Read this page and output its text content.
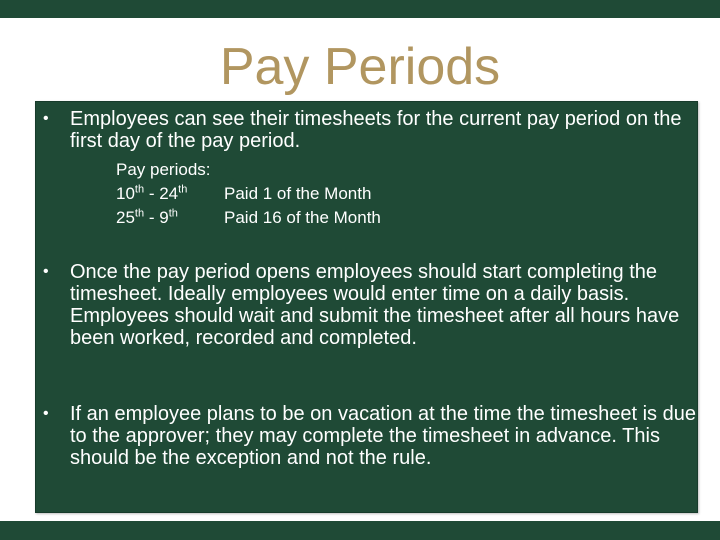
Pay Periods
• Employees can see their timesheets for the current pay period on the first day of the pay period.
Pay periods:
10th - 24th Paid 1 of the Month
25th - 9th	Paid 16 of the Month
• Once the pay period opens employees should start completing the timesheet. Ideally employees would enter time on a daily basis. Employees should wait and submit the timesheet after all hours have been worked, recorded and completed.
• If an employee plans to be on vacation at the time the timesheet is due to the approver; they may complete the timesheet in advance. This should be the exception and not the rule.
